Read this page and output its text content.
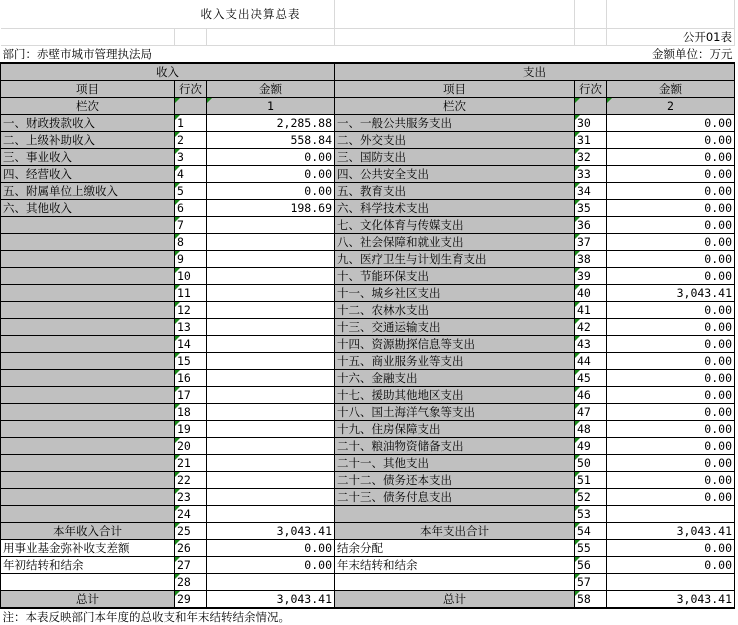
收入支出决算总表					
					公开01表
部门：赤壁市城市管理执法局					金额单位：万元
收入			支出		
项目	行次	金额	项目	行次	金额
栏次		1	栏次		2
一、财政拨款收入	1	2,285.88	一、一般公共服务支出	30	0.00
二、上级补助收入	2	558.84	二、外交支出	31	0.00
三、事业收入	3	0.00	三、国防支出	32	0.00
四、经营收入	4	0.00	四、公共安全支出	33	0.00
五、附属单位上缴收入	5	0.00	五、教育支出	34	0.00
六、其他收入	6	198.69	六、科学技术支出	35	0.00
	7		七、文化体育与传媒支出	36	0.00
	8		八、社会保障和就业支出	37	0.00
	9		九、医疗卫生与计划生育支出	38	0.00
	10		十、节能环保支出	39	0.00
	11		十一、城乡社区支出	40	3,043.41
	12		十二、农林水支出	41	0.00
	13		十三、交通运输支出	42	0.00
	14		十四、资源勘探信息等支出	43	0.00
	15		十五、商业服务业等支出	44	0.00
	16		十六、金融支出	45	0.00
	17		十七、援助其他地区支出	46	0.00
	18		十八、国土海洋气象等支出	47	0.00
	19		十九、住房保障支出	48	0.00
	20		二十、粮油物资储备支出	49	0.00
	21		二十一、其他支出	50	0.00
	22		二十二、债务还本支出	51	0.00
	23		二十三、债务付息支出	52	0.00
	24			53	
本年收入合计	25	3,043.41	本年支出合计	54	3,043.41
用事业基金弥补收支差额	26	0.00	结余分配	55	0.00
年初结转和结余	27	0.00	年末结转和结余	56	0.00
	28			57	
总计	29	3,043.41	总计	58	3,043.41
注：本表反映部门本年度的总收支和年末结转结余情况。					
